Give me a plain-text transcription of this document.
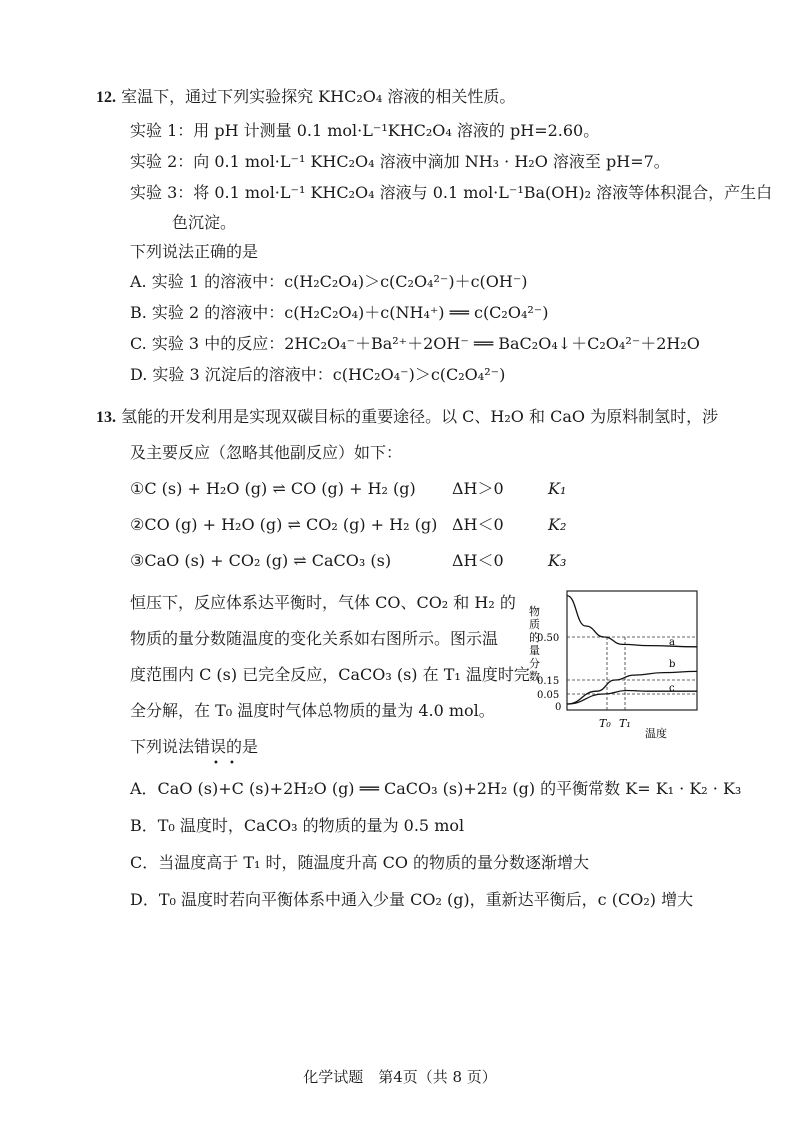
12. 室温下，通过下列实验探究 KHC₂O₄ 溶液的相关性质。
实验 1：用 pH 计测量 0.1 mol·L⁻¹KHC₂O₄ 溶液的 pH=2.60。
实验 2：向 0.1 mol·L⁻¹ KHC₂O₄ 溶液中滴加 NH₃ · H₂O 溶液至 pH=7。
实验 3：将 0.1 mol·L⁻¹ KHC₂O₄ 溶液与 0.1 mol·L⁻¹Ba(OH)₂ 溶液等体积混合，产生白
色沉淀。
下列说法正确的是
A. 实验 1 的溶液中：c(H₂C₂O₄)＞c(C₂O₄²⁻)＋c(OH⁻)
B. 实验 2 的溶液中：c(H₂C₂O₄)＋c(NH₄⁺) ══ c(C₂O₄²⁻)
C. 实验 3 中的反应：2HC₂O₄⁻＋Ba²⁺＋2OH⁻ ══ BaC₂O₄↓＋C₂O₄²⁻＋2H₂O
D. 实验 3 沉淀后的溶液中：c(HC₂O₄⁻)＞c(C₂O₄²⁻)
13. 氢能的开发利用是实现双碳目标的重要途径。以 C、H₂O 和 CaO 为原料制氢时，涉
及主要反应（忽略其他副反应）如下：
①C (s) + H₂O (g) ⇌ CO (g) + H₂ (g) ΔH＞0	K₁
②CO (g) + H₂O (g) ⇌ CO₂ (g) + H₂ (g) ΔH＜0	K₂
③CaO (s) + CO₂ (g) ⇌ CaCO₃ (s)	ΔH＜0	K₃
恒压下，反应体系达平衡时，气体 CO、CO₂ 和 H₂ 的
物质的量分数随温度的变化关系如右图所示。图示温
度范围内 C (s) 已完全反应，CaCO₃ (s) 在 T₁ 温度时完
全分解，在 T₀ 温度时气体总物质的量为 4.0 mol。
下列说法错误的是
• •
A．CaO (s)+C (s)+2H₂O (g) ══ CaCO₃ (s)+2H₂ (g) 的平衡常数 K= K₁ · K₂ · K₃
B．T₀ 温度时，CaCO₃ 的物质的量为 0.5 mol
C．当温度高于 T₁ 时，随温度升高 CO 的物质的量分数逐渐增大
D．T₀ 温度时若向平衡体系中通入少量 CO₂ (g)，重新达平衡后，c (CO₂) 增大
物质的量分数
0.50
0.15
0.05
0
T₀ T₁
温度
a
b
c
化学试题　第4页（共 8 页）
